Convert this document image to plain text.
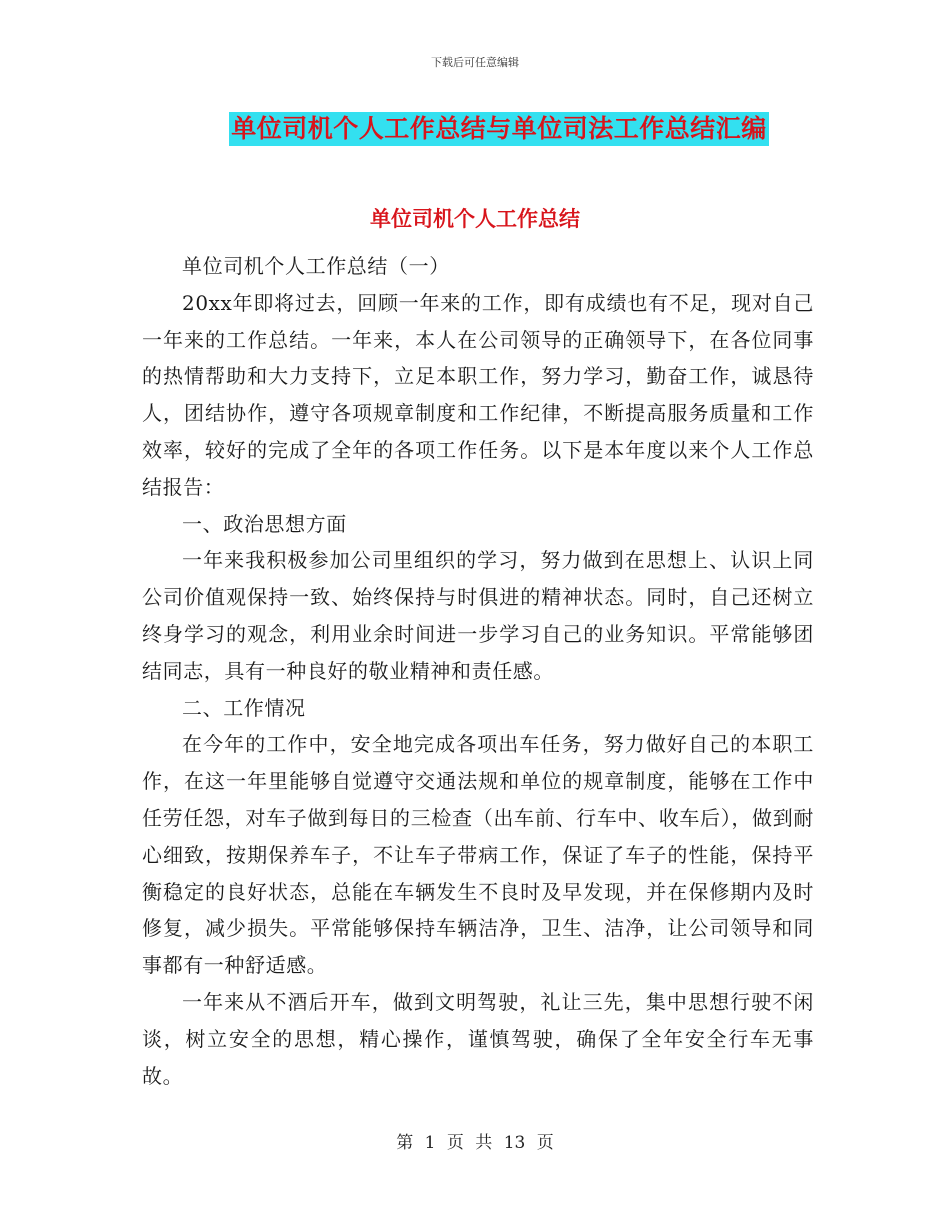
下载后可任意编辑
单位司机个人工作总结与单位司法工作总结汇编
单位司机个人工作总结

单位司机个人工作总结（一）

20xx年即将过去，回顾一年来的工作，即有成绩也有不足，现对自己一年来的工作总结。一年来，本人在公司领导的正确领导下，在各位同事的热情帮助和大力支持下，立足本职工作，努力学习，勤奋工作，诚恳待人，团结协作，遵守各项规章制度和工作纪律，不断提高服务质量和工作效率，较好的完成了全年的各项工作任务。以下是本年度以来个人工作总结报告：

一、政治思想方面

一年来我积极参加公司里组织的学习，努力做到在思想上、认识上同公司价值观保持一致、始终保持与时俱进的精神状态。同时，自己还树立终身学习的观念，利用业余时间进一步学习自己的业务知识。平常能够团结同志，具有一种良好的敬业精神和责任感。

二、工作情况

在今年的工作中，安全地完成各项出车任务，努力做好自己的本职工作，在这一年里能够自觉遵守交通法规和单位的规章制度，能够在工作中任劳任怨，对车子做到每日的三检查（出车前、行车中、收车后），做到耐心细致，按期保养车子，不让车子带病工作，保证了车子的性能，保持平衡稳定的良好状态，总能在车辆发生不良时及早发现，并在保修期内及时修复，减少损失。平常能够保持车辆洁净，卫生、洁净，让公司领导和同事都有一种舒适感。

一年来从不酒后开车，做到文明驾驶，礼让三先，集中思想行驶不闲谈，树立安全的思想，精心操作，谨慎驾驶，确保了全年安全行车无事故。

第 1 页 共 13 页
